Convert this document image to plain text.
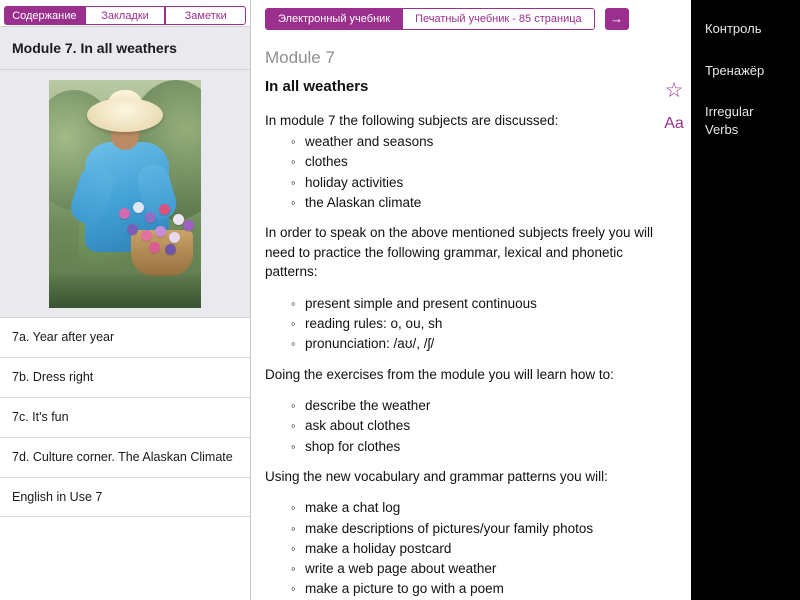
Содержание	Закладки	Заметки
Module 7. In all weathers
7a. Year after year
7b. Dress right
7c. It's fun
7d. Culture corner. The Alaskan Climate
English in Use 7
Электронный учебник	Печатный учебник - 85 страница	→
☆
Aa
Module 7
In all weathers

In module 7 the following subjects are discussed:

◦ weather and seasons
◦ clothes
◦ holiday activities
◦ the Alaskan climate

In order to speak on the above mentioned subjects freely you will need to practice the following grammar, lexical and phonetic patterns:

◦ present simple and present continuous
◦ reading rules: o, ou, sh
◦ pronunciation: /aʊ/, /ʃ/

Doing the exercises from the module you will learn how to:

◦ describe the weather
◦ ask about clothes
◦ shop for clothes

Using the new vocabulary and grammar patterns you will:

◦ make a chat log
◦ make descriptions of pictures/your family photos
◦ make a holiday postcard
◦ write a web page about weather
◦ make a picture to go with a poem
Контроль
Тренажёр
Irregular Verbs
